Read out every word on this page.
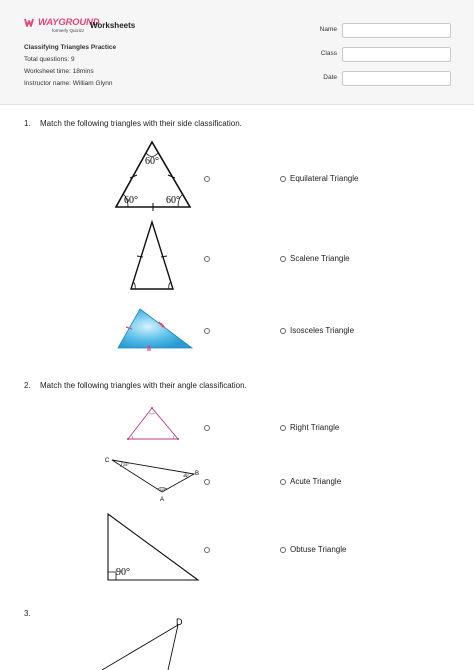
WAYGROUND
formerly Quizizz
Worksheets
Classifying Triangles Practice
Total questions: 9
Worksheet time: 18mins
Instructor name: William Glynn
Name
Class
Date
1. Match the following triangles with their side classification.
60°
60°	60°
Equilateral Triangle
Scalene Triangle
Isosceles Triangle
2. Match the following triangles with their angle classification.
C
B
A
25°
40°
115°
90°
Right Triangle
Acute Triangle
Obtuse Triangle
3.
D
